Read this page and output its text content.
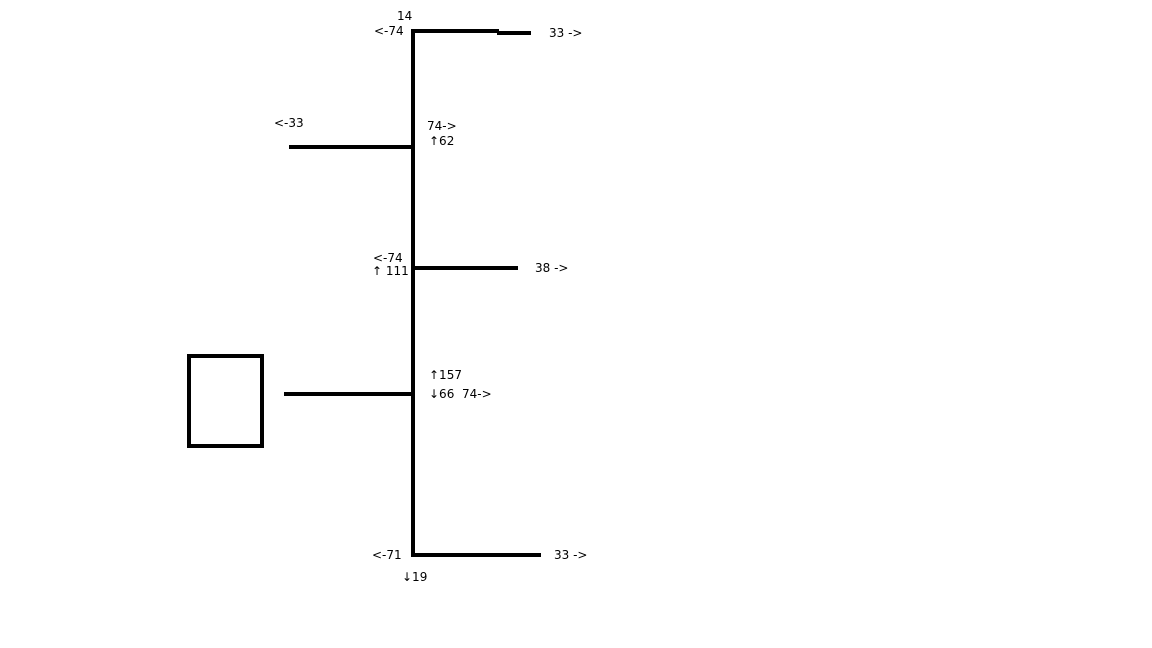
14
<-74	33 ->
<-33	74->
↑62
<-74
↑ 111	38 ->
↑157
↓66 74->
<-71
↓19
33 ->
